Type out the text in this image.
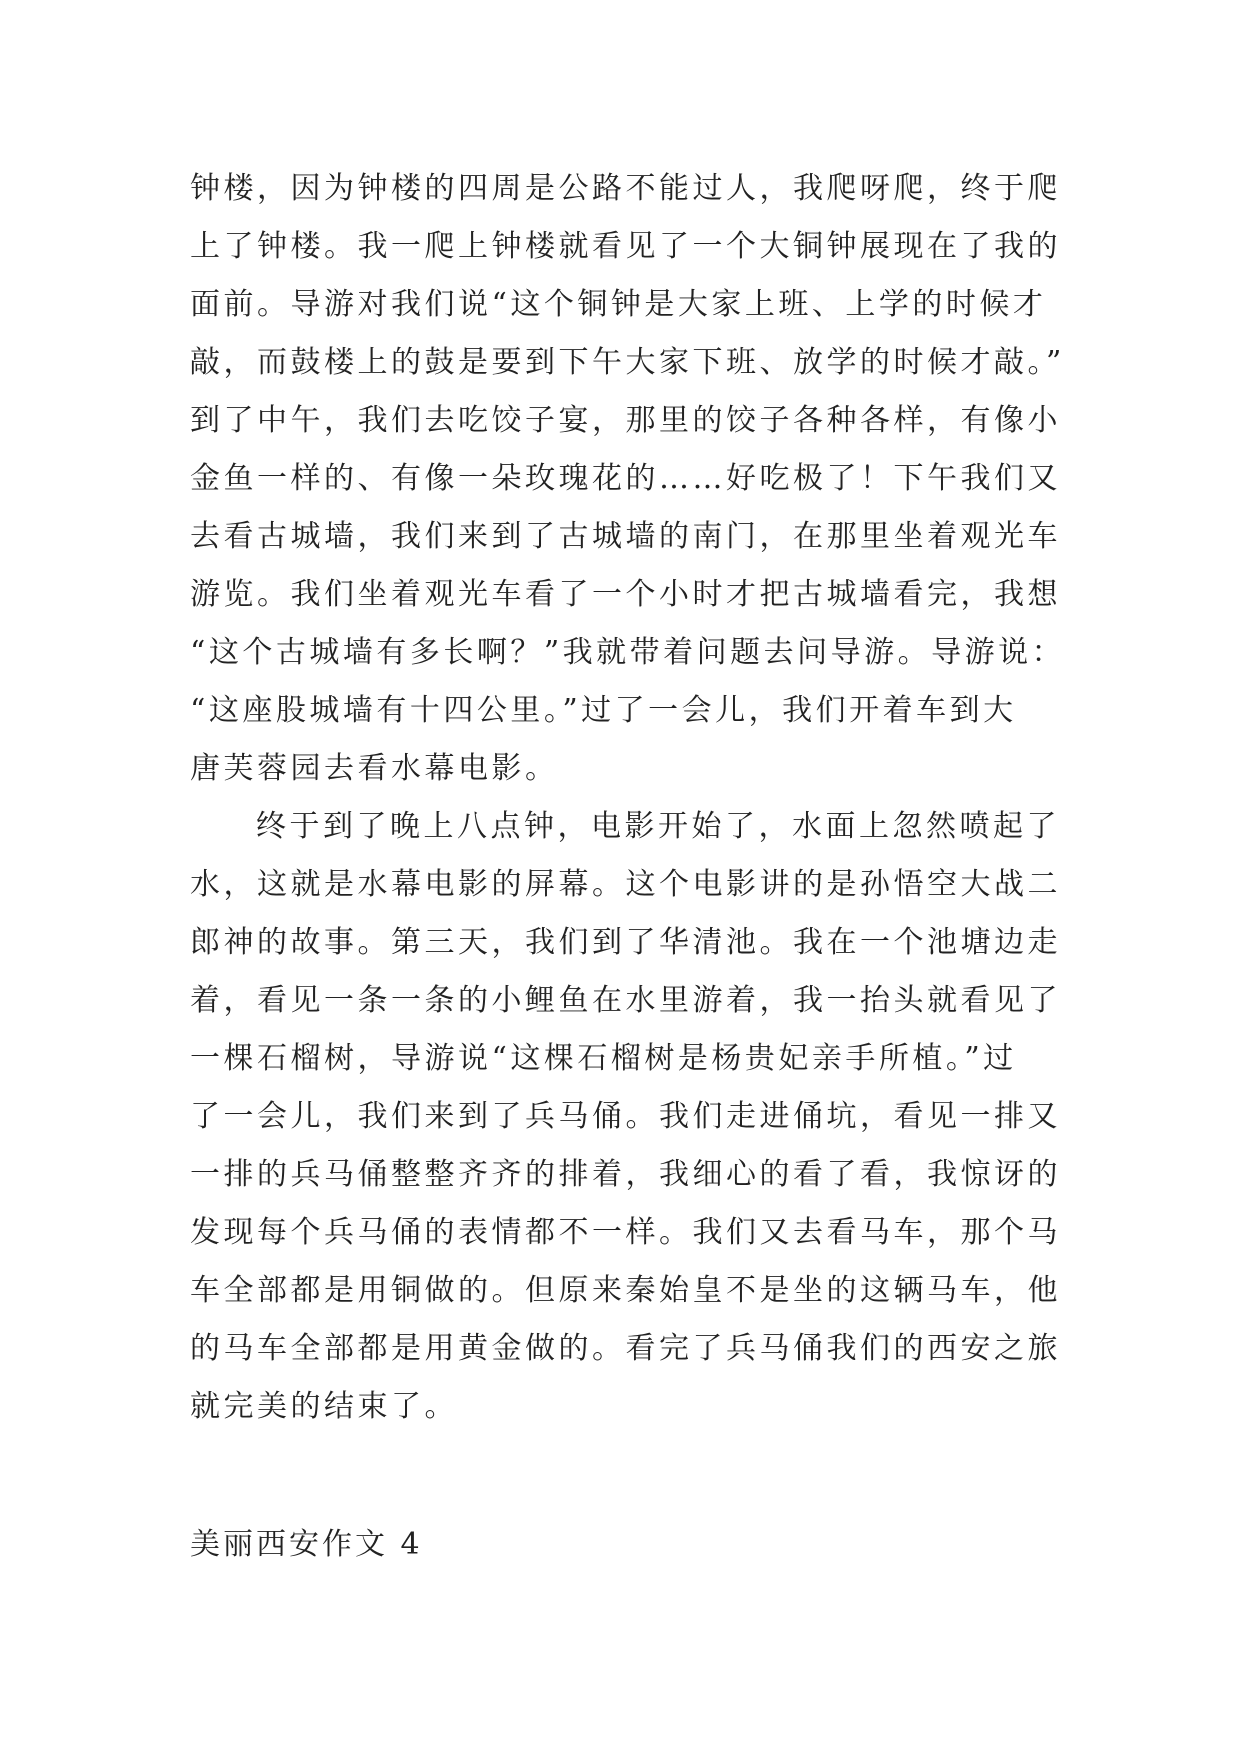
钟楼，因为钟楼的四周是公路不能过人，我爬呀爬，终于爬
上了钟楼。我一爬上钟楼就看见了一个大铜钟展现在了我的
面前。导游对我们说“这个铜钟是大家上班、上学的时候才
敲，而鼓楼上的鼓是要到下午大家下班、放学的时候才敲。”
到了中午，我们去吃饺子宴，那里的饺子各种各样，有像小
金鱼一样的、有像一朵玫瑰花的……好吃极了！下午我们又
去看古城墙，我们来到了古城墙的南门，在那里坐着观光车
游览。我们坐着观光车看了一个小时才把古城墙看完，我想
“这个古城墙有多长啊？”我就带着问题去问导游。导游说：
“这座股城墙有十四公里。”过了一会儿，我们开着车到大
唐芙蓉园去看水幕电影。
终于到了晚上八点钟，电影开始了，水面上忽然喷起了
水，这就是水幕电影的屏幕。这个电影讲的是孙悟空大战二
郎神的故事。第三天，我们到了华清池。我在一个池塘边走
着，看见一条一条的小鲤鱼在水里游着，我一抬头就看见了
一棵石榴树，导游说“这棵石榴树是杨贵妃亲手所植。”过
了一会儿，我们来到了兵马俑。我们走进俑坑，看见一排又
一排的兵马俑整整齐齐的排着，我细心的看了看，我惊讶的
发现每个兵马俑的表情都不一样。我们又去看马车，那个马
车全部都是用铜做的。但原来秦始皇不是坐的这辆马车，他
的马车全部都是用黄金做的。看完了兵马俑我们的西安之旅
就完美的结束了。
美丽西安作文 4
